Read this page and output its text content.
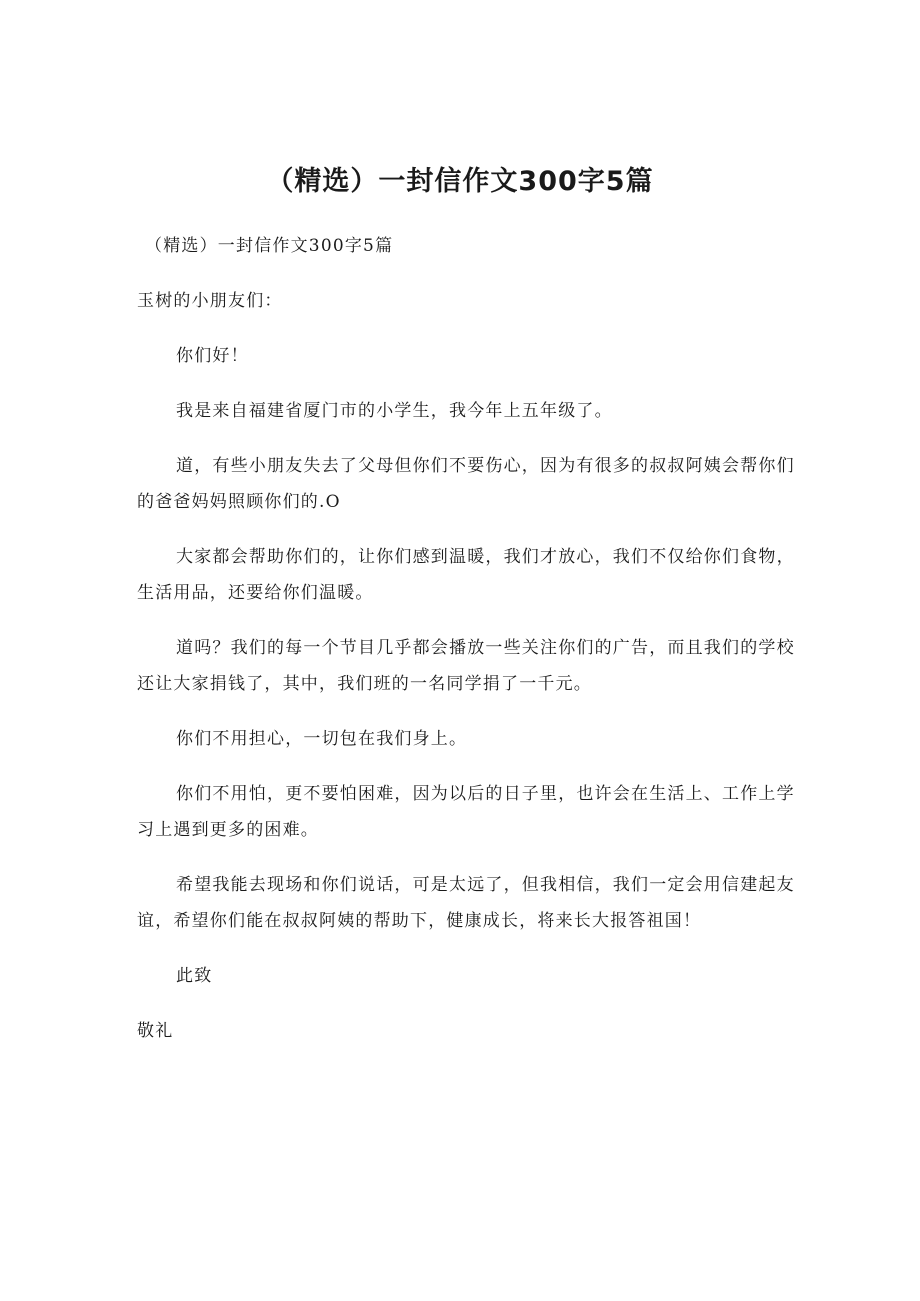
（精选）一封信作文300字5篇

（精选）一封信作文300字5篇

玉树的小朋友们：

你们好！

我是来自福建省厦门市的小学生，我今年上五年级了。

道，有些小朋友失去了父母但你们不要伤心，因为有很多的叔叔阿姨会帮你们的爸爸妈妈照顾你们的.O

大家都会帮助你们的，让你们感到温暖，我们才放心，我们不仅给你们食物，生活用品，还要给你们温暖。

道吗？我们的每一个节目几乎都会播放一些关注你们的广告，而且我们的学校还让大家捐钱了，其中，我们班的一名同学捐了一千元。

你们不用担心，一切包在我们身上。

你们不用怕，更不要怕困难，因为以后的日子里，也许会在生活上、工作上学习上遇到更多的困难。

希望我能去现场和你们说话，可是太远了，但我相信，我们一定会用信建起友谊，希望你们能在叔叔阿姨的帮助下，健康成长，将来长大报答祖国！

此致

敬礼
